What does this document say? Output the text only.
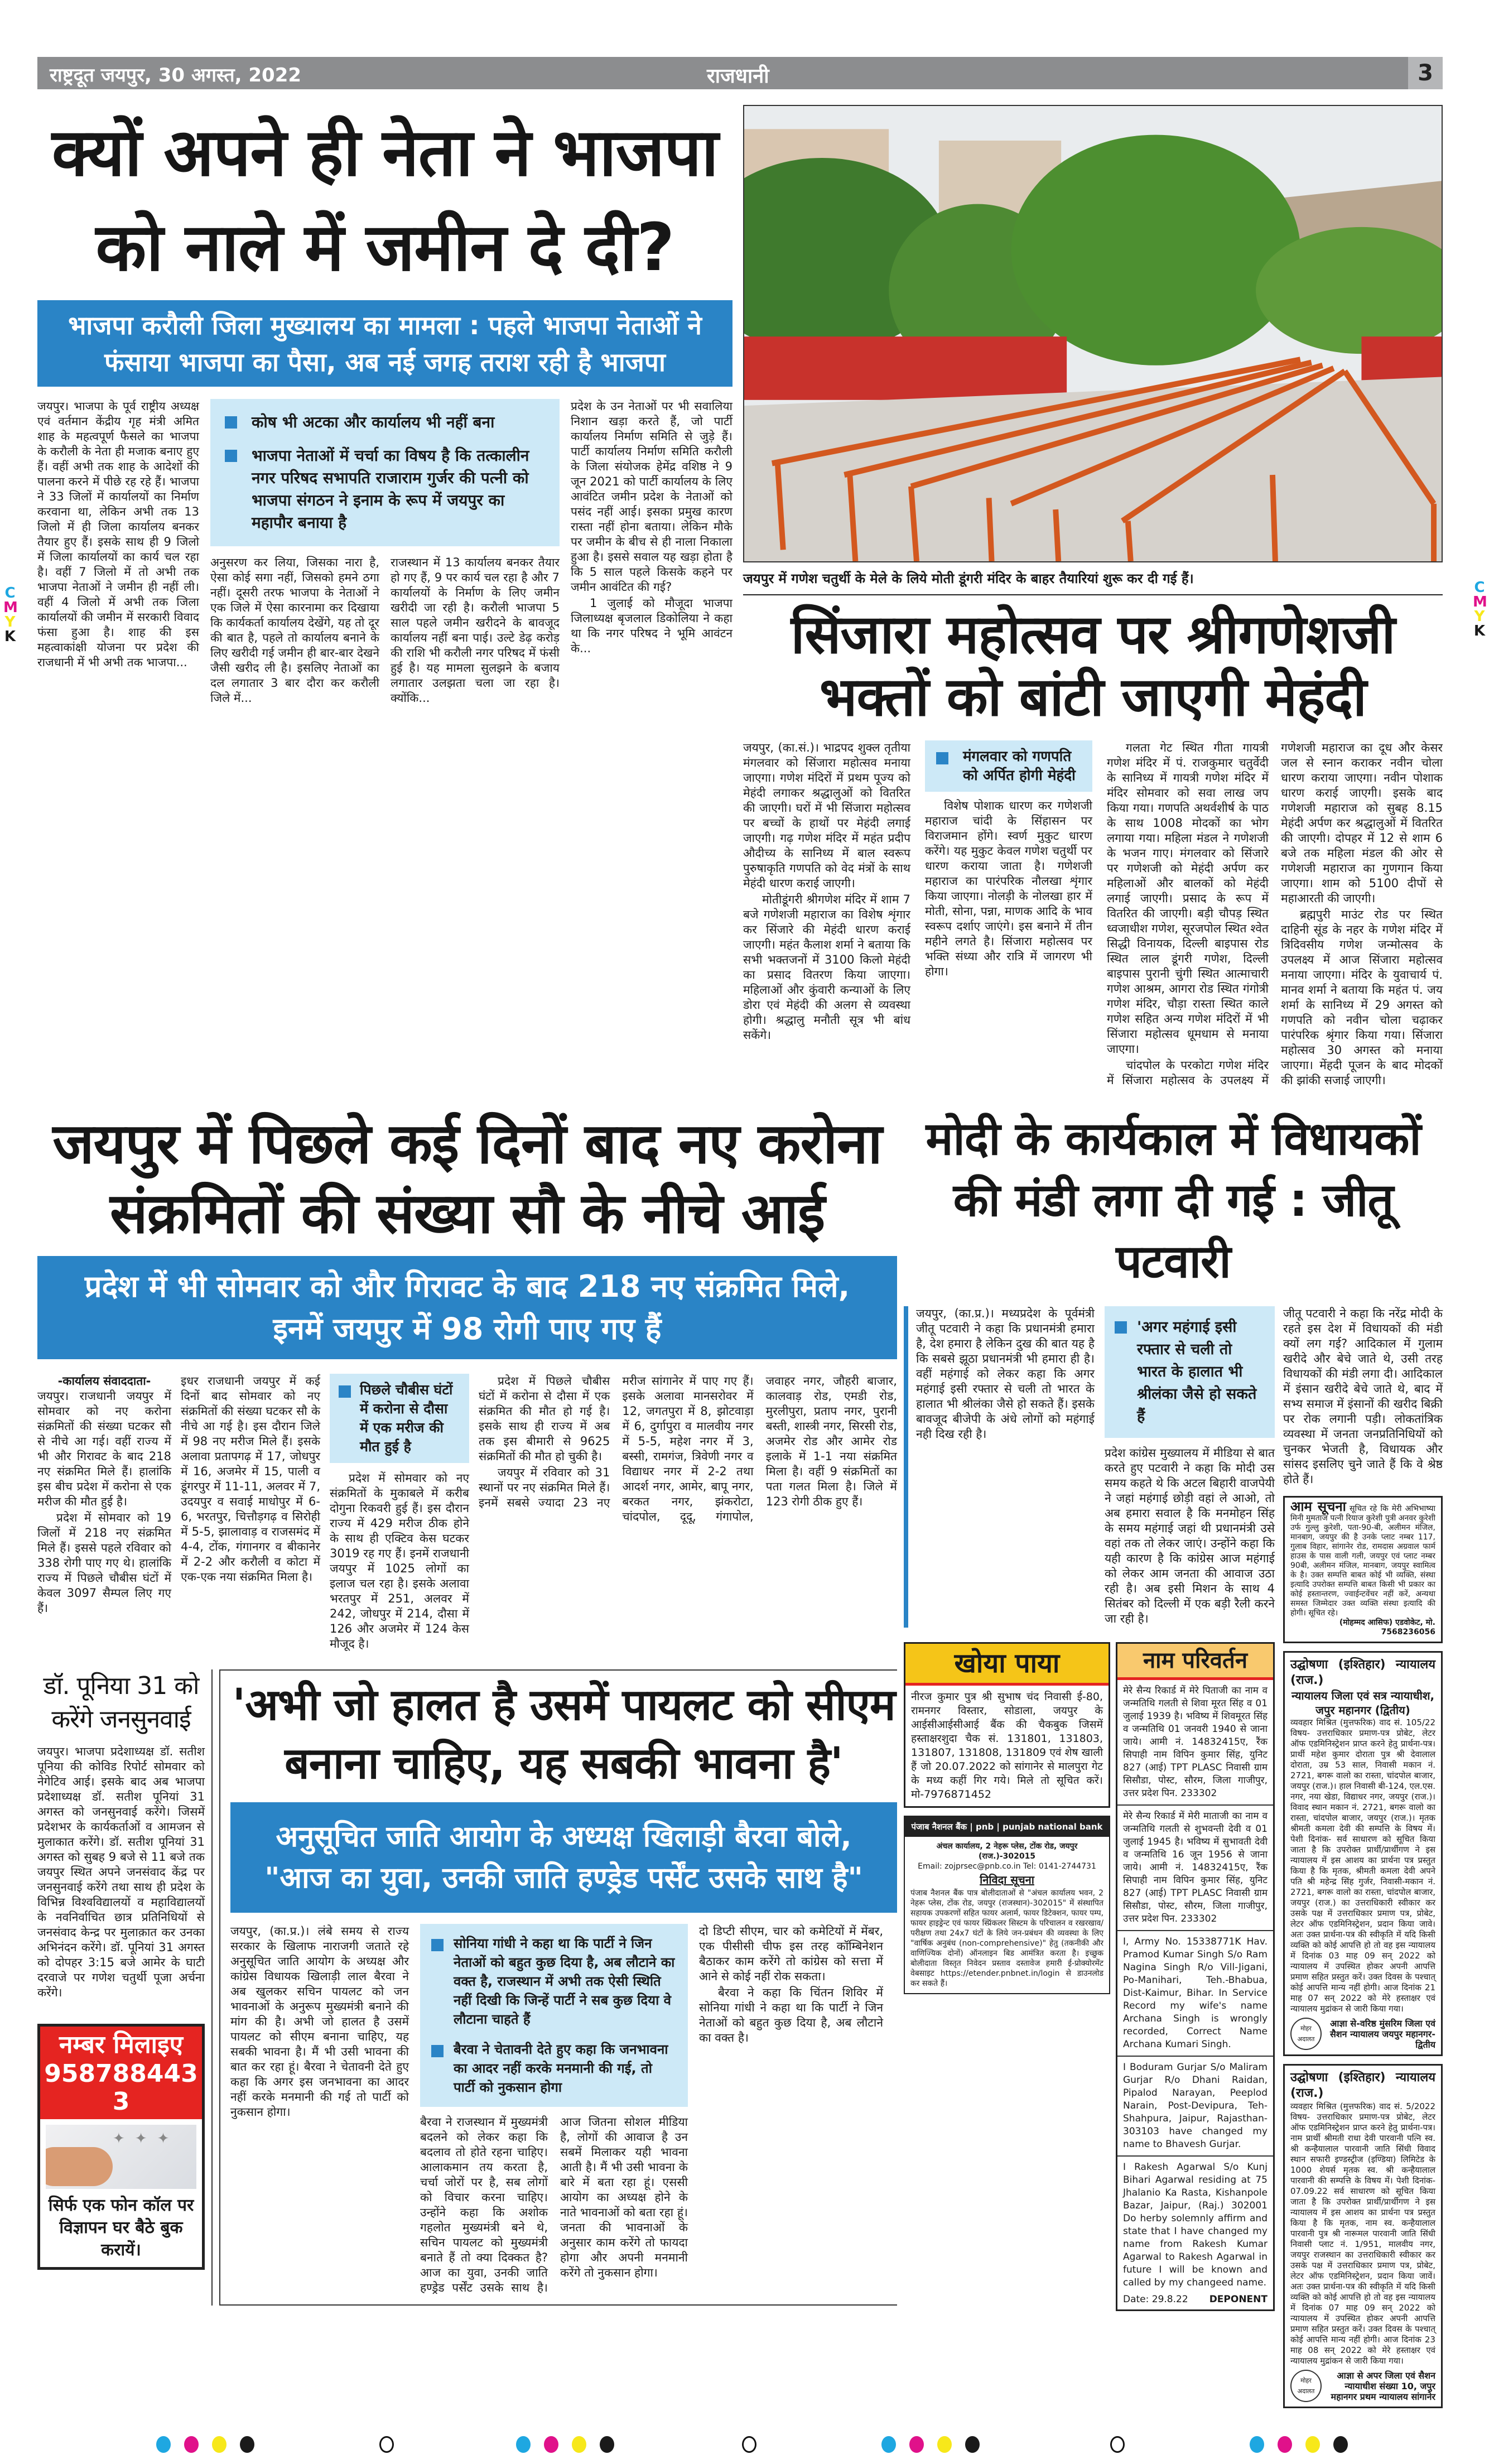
C
M
Y
K
C
M
Y
K
राष्ट्रदूत जयपुर, 30 अगस्त, 2022	राजधानी	3
क्यों अपने ही नेता ने भाजपा को नाले में जमीन दे दी?
भाजपा करौली जिला मुख्यालय का मामला : पहले भाजपा नेताओं ने फंसाया भाजपा का पैसा, अब नई जगह तराश रही है भाजपा

जयपुर। भाजपा के पूर्व राष्ट्रीय अध्यक्ष एवं वर्तमान केंद्रीय गृह मंत्री अमित शाह के महत्वपूर्ण फैसले का भाजपा के करौली के नेता ही मजाक बनाए हुए हैं। वहीं अभी तक शाह के आदेशों की पालना करने में पीछे रह रहे हैं। भाजपा ने 33 जिलों में कार्यालयों का निर्माण करवाना था, लेकिन अभी तक 13 जिलो में ही जिला कार्यालय बनकर तैयार हुए हैं। इसके साथ ही 9 जिलो में जिला कार्यालयों का कार्य चल रहा है। वहीं 7 जिलो में तो अभी तक भाजपा नेताओं ने जमीन ही नहीं ली। वहीं 4 जिलो में अभी तक जिला कार्यालयों की जमीन में सरकारी विवाद फंसा हुआ है। शाह की इस महत्वाकांक्षी योजना पर प्रदेश की राजधानी में भी अभी तक भाजपा...

कोष भी अटका और कार्यालय भी नहीं बना
भाजपा नेताओं में चर्चा का विषय है कि तत्कालीन नगर परिषद सभापति राजाराम गुर्जर की पत्नी को भाजपा संगठन ने इनाम के रूप में जयपुर का महापौर बनाया है

अनुसरण कर लिया, जिसका नारा है, ऐसा कोई सगा नहीं, जिसको हमने ठगा नहीं। दूसरी तरफ भाजपा के नेताओं ने एक जिले में ऐसा कारनामा कर दिखाया कि कार्यकर्ता कार्यालय देखेंगे, यह तो दूर की बात है, पहले तो कार्यालय बनाने के लिए खरीदी गई जमीन ही बार-बार देखने जैसी खरीद ली है। इसलिए नेताओं का दल लगातार 3 बार दौरा कर करौली जिले में...

राजस्थान में 13 कार्यालय बनकर तैयार हो गए हैं, 9 पर कार्य चल रहा है और 7 कार्यालयों के निर्माण के लिए जमीन खरीदी जा रही है। करौली भाजपा 5 साल पहले जमीन खरीदने के बावजूद कार्यालय नहीं बना पाई। उल्टे डेढ़ करोड़ की राशि भी करौली नगर परिषद में फंसी हुई है। यह मामला सुलझने के बजाय लगातार उलझता चला जा रहा है। क्योंकि...

प्रदेश के उन नेताओं पर भी सवालिया निशान खड़ा करते हैं, जो पार्टी कार्यालय निर्माण समिति से जुड़े हैं। पार्टी कार्यालय निर्माण समिति करौली के जिला संयोजक हेमेंद्र वशिष्ठ ने 9 जून 2021 को पार्टी कार्यालय के लिए आवंटित जमीन प्रदेश के नेताओं को पसंद नहीं आई। इसका प्रमुख कारण रास्ता नहीं होना बताया। लेकिन मौके पर जमीन के बीच से ही नाला निकाला हुआ है। इससे सवाल यह खड़ा होता है कि 5 साल पहले किसके कहने पर जमीन आवंटित की गई?

1 जुलाई को मौजूदा भाजपा जिलाध्यक्ष बृजलाल डिकोलिया ने कहा था कि नगर परिषद ने भूमि आवंटन के...

जयपुर में गणेश चतुर्थी के मेले के लिये मोती डूंगरी मंदिर के बाहर तैयारियां शुरू कर दी गई हैं।
सिंजारा महोत्सव पर श्रीगणेशजी भक्तों को बांटी जाएगी मेहंदी

जयपुर, (का.सं.)। भाद्रपद शुक्ल तृतीया मंगलवार को सिंजारा महोत्सव मनाया जाएगा। गणेश मंदिरों में प्रथम पूज्य को मेहंदी लगाकर श्रद्धालुओं को वितरित की जाएगी। घरों में भी सिंजारा महोत्सव पर बच्चों के हाथों पर मेहंदी लगाई जाएगी। गढ़ गणेश मंदिर में महंत प्रदीप औदीच्य के सानिध्य में बाल स्वरूप पुरुषाकृति गणपति को वेद मंत्रों के साथ मेहंदी धारण कराई जाएगी।

मोतीडूंगरी श्रीगणेश मंदिर में शाम 7 बजे गणेशजी महाराज का विशेष शृंगार कर सिंजारे की मेहंदी धारण कराई जाएगी। महंत कैलाश शर्मा ने बताया कि सभी भक्तजनों में 3100 किलो मेहंदी का प्रसाद वितरण किया जाएगा। महिलाओं और कुंवारी कन्याओं के लिए डोरा एवं मेहंदी की अलग से व्यवस्था होगी। श्रद्धालु मनौती सूत्र भी बांध सकेंगे।

मंगलवार को गणपति को अर्पित होगी मेहंदी

विशेष पोशाक धारण कर गणेशजी महाराज चांदी के सिंहासन पर विराजमान होंगे। स्वर्ण मुकुट धारण करेंगे। यह मुकुट केवल गणेश चतुर्थी पर धारण कराया जाता है। गणेशजी महाराज का पारंपरिक नौलखा शृंगार किया जाएगा। नोलड़ी के नोलखा हार में मोती, सोना, पन्ना, माणक आदि के भाव स्वरूप दर्शाए जाएंगे। इस बनाने में तीन महीने लगते है। सिंजारा महोत्सव पर भक्ति संध्या और रात्रि में जागरण भी होगा।

गलता गेट स्थित गीता गायत्री गणेश मंदिर में पं. राजकुमार चतुर्वेदी के सानिध्य में गायत्री गणेश मंदिर में मंदिर सोमवार को सवा लाख जप किया गया। गणपति अथर्वशीर्ष के पाठ के साथ 1008 मोदकों का भोग लगाया गया। महिला मंडल ने गणेशजी के भजन गाए। मंगलवार को सिंजारे पर गणेशजी को मेहंदी अर्पण कर महिलाओं और बालकों को मेहंदी लगाई जाएगी। प्रसाद के रूप में वितरित की जाएगी। बड़ी चौपड़ स्थित ध्वजाधीश गणेश, सूरजपोल स्थित श्वेत सिद्धी विनायक, दिल्ली बाइपास रोड स्थित लाल डूंगरी गणेश, दिल्ली बाइपास पुरानी चुंगी स्थित आत्माचारी गणेश आश्रम, आगरा रोड स्थित गंगोत्री गणेश मंदिर, चौड़ा रास्ता स्थित काले गणेश सहित अन्य गणेश मंदिरों में भी सिंजारा महोत्सव धूमधाम से मनाया जाएगा।

चांदपोल के परकोटा गणेश मंदिर में सिंजारा महोत्सव के उपलक्ष्य में गणेशजी महाराज का दूध और केसर जल से स्नान कराकर नवीन चोला धारण कराया जाएगा। नवीन पोशाक धारण कराई जाएगी। इसके बाद गणेशजी महाराज को सुबह 8.15 मेहंदी अर्पण कर श्रद्धालुओं में वितरित की जाएगी। दोपहर में 12 से शाम 6 बजे तक महिला मंडल की ओर से गणेशजी महाराज का गुणगान किया जाएगा। शाम को 5100 दीपों से महाआरती की जाएगी।

ब्रह्मपुरी माउंट रोड पर स्थित दाहिनी सूंड के नहर के गणेश मंदिर में त्रिदिवसीय गणेश जन्मोत्सव के उपलक्ष्य में आज सिंजारा महोत्सव मनाया जाएगा। मंदिर के युवाचार्य पं. मानव शर्मा ने बताया कि महंत पं. जय शर्मा के सानिध्य में 29 अगस्त को गणपति को नवीन चोला चढ़ाकर पारंपरिक श्रृंगार किया गया। सिंजारा महोत्सव 30 अगस्त को मनाया जाएगा। मेंहदी पूजन के बाद मोदकों की झांकी सजाई जाएगी।

जयपुर में पिछले कई दिनों बाद नए करोना संक्रमितों की संख्या सौ के नीचे आई
प्रदेश में भी सोमवार को और गिरावट के बाद 218 नए संक्रमित मिले, इनमें जयपुर में 98 रोगी पाए गए हैं
-कार्यालय संवाददाता-

जयपुर। राजधानी जयपुर में सोमवार को नए करोना संक्रमितों की संख्या घटकर सौ से नीचे आ गई। वहीं राज्य में भी और गिरावट के बाद 218 नए संक्रमित मिले हैं। हालांकि इस बीच प्रदेश में करोना से एक मरीज की मौत हुई है।

प्रदेश में सोमवार को 19 जिलों में 218 नए संक्रमित मिले हैं। इससे पहले रविवार को 338 रोगी पाए गए थे। हालांकि राज्य में पिछले चौबीस घंटों में केवल 3097 सैम्पल लिए गए हैं।

इधर राजधानी जयपुर में कई दिनों बाद सोमवार को नए संक्रमितों की संख्या घटकर सौ के नीचे आ गई है। इस दौरान जिले में 98 नए मरीज मिले हैं। इसके अलावा प्रतापगढ़ में 17, जोधपुर में 16, अजमेर में 15, पाली व डूंगरपुर में 11-11, अलवर में 7, उदयपुर व सवाई माधोपुर में 6-6, भरतपुर, चित्तौड़गढ़ व सिरोही में 5-5, झालावाड़ व राजसमंद में 4-4, टोंक, गंगानगर व बीकानेर में 2-2 और करौली व कोटा में एक-एक नया संक्रमित मिला है।

पिछले चौबीस घंटों में करोना से दौसा में एक मरीज की मौत हुई है

प्रदेश में सोमवार को नए संक्रमितों के मुकाबले में करीब दोगुना रिकवरी हुई हैं। इस दौरान राज्य में 429 मरीज ठीक होने के साथ ही एक्टिव केस घटकर 3019 रह गए हैं। इनमें राजधानी जयपुर में 1025 लोगों का इलाज चल रहा है। इसके अलावा भरतपुर में 251, अलवर में 242, जोधपुर में 214, दौसा में 126 और अजमेर में 124 केस मौजूद है।

प्रदेश में पिछले चौबीस घंटों में करोना से दौसा में एक संक्रमित की मौत हो गई है। इसके साथ ही राज्य में अब तक इस बीमारी से 9625 संक्रमितों की मौत हो चुकी है।

जयपुर में रविवार को 31 स्थानों पर नए संक्रमित मिले हैं। इनमें सबसे ज्यादा 23 नए मरीज सांगानेर में पाए गए हैं। इसके अलावा मानसरोवर में 12, जगतपुरा में 8, झोटवाड़ा में 6, दुर्गापुरा व मालवीय नगर में 5-5, महेश नगर में 3, बस्सी, रामगंज, त्रिवेणी नगर व विद्याधर नगर में 2-2 तथा आदर्श नगर, आमेर, बापू नगर, बरकत नगर, झंकरोटा, चांदपोल, दूदू, गंगापोल, जवाहर नगर, जौहरी बाजार, कालवाड़ रोड, एमडी रोड, मुरलीपुरा, प्रताप नगर, पुरानी बस्ती, शास्त्री नगर, सिरसी रोड, अजमेर रोड और आमेर रोड इलाके में 1-1 नया संक्रमित मिला है। वहीं 9 संक्रमितों का पता गलत मिला है। जिले में 123 रोगी ठीक हुए हैं।

डॉ. पूनिया 31 को करेंगे जनसुनवाई

जयपुर। भाजपा प्रदेशाध्यक्ष डॉ. सतीश पूनिया की कोविड रिपोर्ट सोमवार को नेगेटिव आई। इसके बाद अब भाजपा प्रदेशाध्यक्ष डॉ. सतीश पूनियां 31 अगस्त को जनसुनवाई करेंगे। जिसमें प्रदेशभर के कार्यकर्ताओं व आमजन से मुलाकात करेंगे। डॉ. सतीश पूनियां 31 अगस्त को सुबह 9 बजे से 11 बजे तक जयपुर स्थित अपने जनसंवाद केंद्र पर जनसुनवाई करेंगे तथा साथ ही प्रदेश के विभिन्न विश्वविद्यालयों व महाविद्यालयों के नवनिर्वाचित छात्र प्रतिनिधियों से जनसंवाद केन्द्र पर मुलाक़ात कर उनका अभिनंदन करेंगे। डॉ. पूनियां 31 अगस्त को दोपहर 3:15 बजे आमेर के घाटी दरवाजे पर गणेश चतुर्थी पूजा अर्चना करेंगे।

नम्बर मिलाइए
9587884433
✦✦✦
सिर्फ एक फोन कॉल पर विज्ञापन घर बैठे बुक करायें।
'अभी जो हालत है उसमें पायलट को सीएम बनाना चाहिए, यह सबकी भावना है'
अनुसूचित जाति आयोग के अध्यक्ष खिलाड़ी बैरवा बोले, "आज का युवा, उनकी जाति हण्ड्रेड पर्सेंट उसके साथ है"

जयपुर, (का.प्र.)। लंबे समय से राज्य सरकार के खिलाफ नाराजगी जताते रहे अनुसूचित जाति आयोग के अध्यक्ष और कांग्रेस विधायक खिलाड़ी लाल बैरवा ने अब खुलकर सचिन पायलट को जन भावनाओं के अनुरूप मुख्यमंत्री बनाने की मांग की है। अभी जो हालत है उसमें पायलट को सीएम बनाना चाहिए, यह सबकी भावना है। मैं भी उसी भावना की बात कर रहा हूं। बैरवा ने चेतावनी देते हुए कहा कि अगर इस जनभावना का आदर नहीं करके मनमानी की गई तो पार्टी को नुकसान होगा।

सोनिया गांधी ने कहा था कि पार्टी ने जिन नेताओं को बहुत कुछ दिया है, अब लौटाने का वक्त है, राजस्थान में अभी तक ऐसी स्थिति नहीं दिखी कि जिन्हें पार्टी ने सब कुछ दिया वे लौटाना चाहते हैं
बैरवा ने चेतावनी देते हुए कहा कि जनभावना का आदर नहीं करके मनमानी की गई, तो पार्टी को नुकसान होगा

बैरवा ने राजस्थान में मुख्यमंत्री बदलने को लेकर कहा कि बदलाव तो होते रहना चाहिए। आलाकमान तय करता है, चर्चा जोरों पर है, सब लोगों को विचार करना चाहिए। उन्होंने कहा कि अशोक गहलोत मुख्यमंत्री बने थे, सचिन पायलट को मुख्यमंत्री बनाते हैं तो क्या दिक्कत है? आज का युवा, उनकी जाति हण्ड्रेड पर्सेंट उसके साथ है। आज जितना सोशल मीडिया है, लोगों की आवाज है उन सबमें मिलाकर यही भावना आती है। मैं भी उसी भावना के बारे में बता रहा हूं। एससी आयोग का अध्यक्ष होने के नाते भावनाओं को बता रहा हूं। जनता की भावनाओं के अनुसार काम करेंगे तो फायदा होगा और अपनी मनमानी करेंगे तो नुकसान होगा।

दो डिप्टी सीएम, चार को कमेटियों में मेंबर, एक पीसीसी चीफ इस तरह कॉम्बिनेशन बैठाकर काम करेंगे तो कांग्रेस को सत्ता में आने से कोई नहीं रोक सकता।

बैरवा ने कहा कि चिंतन शिविर में सोनिया गांधी ने कहा था कि पार्टी ने जिन नेताओं को बहुत कुछ दिया है, अब लौटाने का वक्त है।

मोदी के कार्यकाल में विधायकों की मंडी लगा दी गई : जीतू पटवारी

जयपुर, (का.प्र.)। मध्यप्रदेश के पूर्वमंत्री जीतू पटवारी ने कहा कि प्रधानमंत्री हमारा है, देश हमारा है लेकिन दुख की बात यह है कि सबसे झूठा प्रधानमंत्री भी हमारा ही है। वहीं महंगाई को लेकर कहा कि अगर महंगाई इसी रफ्तार से चली तो भारत के हालात भी श्रीलंका जैसे हो सकते हैं। इसके बावजूद बीजेपी के अंधे लोगों को महंगाई नही दिख रही है।

'अगर महंगाई इसी रफ्तार से चली तो भारत के हालात भी श्रीलंका जैसे हो सकते हैं

प्रदेश कांग्रेस मुख्यालय में मीडिया से बात करते हुए पटवारी ने कहा कि मोदी उस समय कहते थे कि अटल बिहारी वाजपेयी ने जहां महंगाई छोड़ी वहां ले आओ, तो अब हमारा सवाल है कि मनमोहन सिंह के समय महंगाई जहां थी प्रधानमंत्री उसे वहां तक तो लेकर जाएं। उन्होंने कहा कि यही कारण है कि कांग्रेस आज महंगाई को लेकर आम जनता की आवाज उठा रही है। अब इसी मिशन के साथ 4 सितंबर को दिल्ली में एक बड़ी रैली करने जा रही है।

खोया पाया
नीरज कुमार पुत्र श्री सुभाष चंद निवासी ई-80, रामनगर विस्तार, सोडाला, जयपुर के आईसीआईसीआई बैंक की चैकबुक जिसमें हस्ताक्षरशुदा चैक सं. 131801, 131803, 131807, 131808, 131809 एवं शेष खाली हैं जो 20.07.2022 को सांगानेर से मालपुरा गेट के मध्य कहीं गिर गये। मिले तो सूचित करें। मो-7976871452
पंजाब नैशनल बैंक | pnb | punjab national bank
अंचल कार्यालय, 2 नेहरू प्लेस, टोंक रोड, जयपुर (राज.)-302015
Email: zojprsec@pnb.co.in Tel: 0141-2744731
निविदा सूचना
पंजाब नैशनल बैंक पात्र बोलीदाताओं से "अंचल कार्यालय भवन, 2 नेहरू प्लेस, टोंक रोड, जयपुर (राजस्थान)-302015" में संस्थापित सहायक उपकरणों सहित फायर अलार्म, फायर डिटेक्शन, फायर पम्प, फायर हाइड्रेन्ट एवं फायर स्प्रिंकलर सिस्टम के परिचालन व रखरखाव/परीक्षण तथा 24x7 घंटों के लिये जन-प्रबंधन की व्यवस्था के लिए "वार्षिक अनुबंध (non-comprehensive)" हेतु (तकनीकी और वाणिज्यिक दोनों) ऑनलाइन बिड आमंत्रित करता है। इच्छुक बोलीदाता विस्तृत निवेदन प्रस्ताव दस्तावेज हमारी ई-प्रोक्योरमेंट वेबसाइट https://etender.pnbnet.in/login से डाउनलोड कर सकते हैं।
नाम परिवर्तन
मेरे सैन्य रिकार्ड में मेरे पिताजी का नाम व जन्मतिथि गलती से शिवा मूरत सिंह व 01 जुलाई 1939 है। भविष्य में शिवमूरत सिंह व जन्मतिथि 01 जनवरी 1940 से जाना जाये। आमी नं. 14832415ए, रैंक सिपाही नाम विपिन कुमार सिंह, युनिट 827 (आई) TPT PLASC निवासी ग्राम सिसौडा, पोस्ट, सौरम, जिला गाजीपुर, उत्तर प्रदेश पिन. 233302
मेरे सैन्य रिकार्ड में मेरी माताजी का नाम व जन्मतिथि गलती से शुभवन्ती देवी व 01 जुलाई 1945 है। भविष्य में सुभावती देवी व जन्मतिथि 16 जून 1956 से जाना जाये। आमी नं. 14832415ए, रैंक सिपाही नाम विपिन कुमार सिंह, युनिट 827 (आई) TPT PLASC निवासी ग्राम सिसौडा, पोस्ट, सौरम, जिला गाजीपुर, उत्तर प्रदेश पिन. 233302
I, Army No. 15338771K Hav. Pramod Kumar Singh S/o Ram Nagina Singh R/o Vill-Jigani, Po-Manihari, Teh.-Bhabua, Dist-Kaimur, Bihar. In Service Record my wife's name Archana Singh is wrongly recorded, Correct Name Archana Kumari Singh.
I Boduram Gurjar S/o Maliram Gurjar R/o Dhani Raidan, Pipalod Narayan, Peeplod Narain, Post-Devipura, Teh-Shahpura, Jaipur, Rajasthan-303103 have changed my name to Bhavesh Gurjar.
I Rakesh Agarwal S/o Kunj Bihari Agarwal residing at 75 Jhalanio Ka Rasta, Kishanpole Bazar, Jaipur, (Raj.) 302001 Do herby solemnly affirm and state that I have changed my name from Rakesh Kumar Agarwal to Rakesh Agarwal in future I will be known and called by my changeed name.
Date: 29.8.22 DEPONENT

जीतू पटवारी ने कहा कि नरेंद्र मोदी के रहते इस देश में विधायकों की मंडी क्यों लग गई? आदिकाल में गुलाम खरीदे और बेचे जाते थे, उसी तरह विधायकों की मंडी लगा दी। आदिकाल में इंसान खरीदे बेचे जाते थे, बाद में सभ्य समाज में इंसानों की खरीद बिक्री पर रोक लगानी पड़ी। लोकतांत्रिक व्यवस्था में जनता जनप्रतिनिधियों को चुनकर भेजती है, विधायक और सांसद इसलिए चुने जाते हैं कि वे श्रेष्ठ होते हैं।

आम सूचना सूचित रहे कि मेरी अभिभाष्या मिनी मुमताज पत्नी रियाज कुरेशी पुत्री अनवर कुरेशी उर्फ गुल्लु कुरेशी, पता-90-बी, अलीमन मंजिल, मानबाग, जयपुर की है उनके प्लाट नम्बर 117, गुलाब विहार, सांगानेर रोड, रामदास अग्रवाल फार्म हाउस के पास वाली गली, जयपुर एवं प्लाट नम्बर 90बी, अलीमन मंजिल, मानबाग, जयपुर स्वामित्व के है। उक्त सम्पत्ति बाबत कोई भी व्यक्ति, संस्था इत्यादि उपरोक्त सम्पत्ति बाबत किसी भी प्रकार का कोई हस्तान्तरण, ज्वाईन्टवेंचर नहीं करें, अन्यथा समस्त जिम्मेदार उक्त व्यक्ति संस्था इत्यादि की होगी। सूचित रहे।
(मोहम्मद आसिफ) एडवोकेट, मो. 7568236056
उद्घोषणा (इश्तिहार) न्यायालय (राज.)
न्यायालय जिला एवं सत्र न्यायाधीश, जपुर महानगर (द्वितीय)
व्यवहार मिश्रित (मुत्तफरिक) वाद सं. 105/22 विषय- उत्तराधिकार प्रमाण-पत्र प्रोबेट, लेटर ऑफ एडमिनिस्ट्रेशन प्राप्त करने हेतु प्रार्थना-पत्र। प्रार्थी महेश कुमार दोराता पुत्र श्री देवालाल दोराता, उम्र 53 साल, निवासी मकान नं. 2721, बगरू वालो का रास्ता, चांदपोल बाजार, जयपुर (राज.)। हाल निवासी बी-124, एल.एस. नगर, नया खेडा, विद्याधर नगर, जयपुर (राज.)। विवाद स्थान मकान नं. 2721, बगरू वालो का रास्ता, चांदपोल बाजार, जयपुर (राज.)। मृतक श्रीमती कमला देवी की सम्पत्ति के विषय में। पेशी दिनांक- सर्व साधारण को सूचित किया जाता है कि उपरोक्त प्रार्थी/प्रार्थीगण ने इस न्यायालय में इस आशय का प्रार्थना पत्र प्रस्तुत किया है कि मृतक, श्रीमती कमला देवी अपने पति श्री महेन्द्र सिंह गुर्जर, निवासी-मकान नं. 2721, बगरू वालो का रास्ता, चांदपोल बाजार, जयपुर (राज.) का उत्तराधिकारी स्वीकार कर उसके पक्ष में उत्तराधिकार प्रमाण पत्र, प्रोबेट, लेटर ऑफ एडमिनिस्ट्रेशन, प्रदान किया जावे। अतः उक्त प्रार्थना-पत्र की स्वीकृति में यदि किसी व्यक्ति को कोई आपत्ति हो तो वह इस न्यायालय में दिनांक 03 माह 09 सन् 2022 को न्यायालय में उपस्थित होकर अपनी आपत्ति प्रमाण सहित प्रस्तुत करें। उक्त दिवस के पश्चात् कोई आपत्ति मान्य नहीं होगी। आज दिनांक 21 माह 07 सन् 2022 को मेरे हस्ताक्षर एवं न्यायालय मुद्रांकन से जारी किया गया।
मोहर अदालत
आज्ञा से-वरिष्ठ मुंसरिम जिला एवं सैशन न्यायालय जयपुर महानगर-द्वितीय
उद्घोषणा (इश्तिहार) न्यायालय (राज.)
व्यवहार मिश्रित (मुत्तफरिक) वाद सं. 5/2022 विषय- उत्तराधिकार प्रमाण-पत्र प्रोबेट, लेटर ऑफ एडमिनिस्ट्रेशन प्राप्त करने हेतु प्रार्थना-पत्र। नाम प्रार्थी श्रीमती राधा देवी पारवानी पत्नि स्व. श्री कन्हैयालाल पारवानी जाति सिंधी विवाद स्थान सफारी इण्डस्ट्रीज (इण्डिया) लिमिटेड के 1000 शेयर्स मृतक स्व. श्री कन्हैयालाल पारवानी की सम्पत्ति के विषय में। पेशी दिनांक- 07.09.22 सर्व साधारण को सूचित किया जाता है कि उपरोक्त प्रार्थी/प्रार्थीगण ने इस न्यायालय में इस आशय का प्रार्थना पत्र प्रस्तुत किया है कि मृतक, नाम स्व. कन्हैयालाल पारवानी पुत्र श्री नारूमल पारवानी जाति सिंधी निवासी प्लाट नं. 1/951, मालवीय नगर, जयपुर राजस्थान का उत्तराधिकारी स्वीकार कर उसके पक्ष में उत्तराधिकार प्रमाण पत्र, प्रोबेट, लेटर ऑफ एडमिनिस्ट्रेशन, प्रदान किया जावें। अतः उक्त प्रार्थना-पत्र की स्वीकृति में यदि किसी व्यक्ति को कोई आपत्ति हो तो वह इस न्यायालय में दिनांक 07 माह 09 सन् 2022 को न्यायालय में उपस्थित होकर अपनी आपत्ति प्रमाण सहित प्रस्तुत करें। उक्त दिवस के पश्चात् कोई आपत्ति मान्य नहीं होगी। आज दिनांक 23 माह 08 सन् 2022 को मेरे हस्ताक्षर एवं न्यायालय मुद्रांकन से जारी किया गया।
मोहर अदालत
आज्ञा से अपर जिला एवं सैशन न्यायाधीश संख्या 10, जपुर महानगर प्रथम न्यायालय सांगानेर
